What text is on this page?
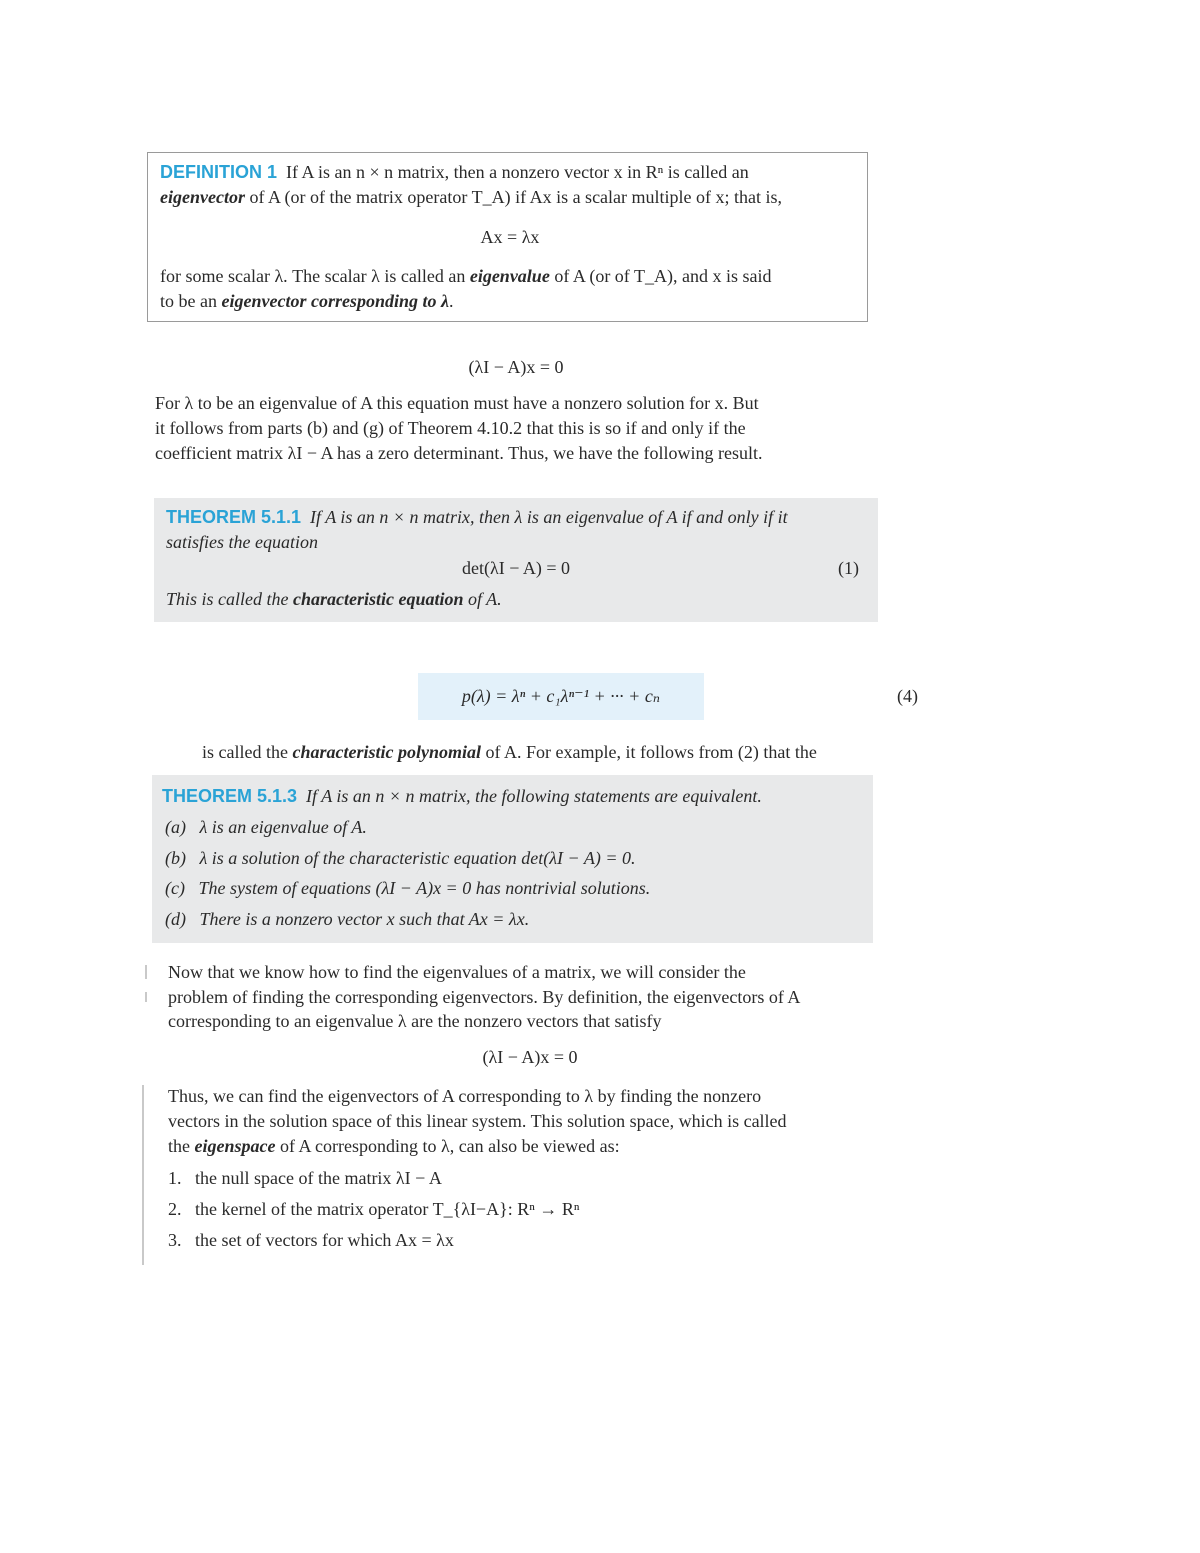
DEFINITION 1 If A is an n × n matrix, then a nonzero vector x in Rⁿ is called an
eigenvector of A (or of the matrix operator T_A) if Ax is a scalar multiple of x; that is,
Ax = λx
for some scalar λ. The scalar λ is called an eigenvalue of A (or of T_A), and x is said
to be an eigenvector corresponding to λ.
(λI − A)x = 0
For λ to be an eigenvalue of A this equation must have a nonzero solution for x. But
it follows from parts (b) and (g) of Theorem 4.10.2 that this is so if and only if the
coefficient matrix λI − A has a zero determinant. Thus, we have the following result.
THEOREM 5.1.1 If A is an n × n matrix, then λ is an eigenvalue of A if and only if it
satisfies the equation
det(λI − A) = 0	(1)
This is called the characteristic equation of A.
p(λ) = λⁿ + c₁λⁿ⁻¹ + ··· + cₙ	(4)
is called the characteristic polynomial of A. For example, it follows from (2) that the
THEOREM 5.1.3 If A is an n × n matrix, the following statements are equivalent.
(a) λ is an eigenvalue of A.
(b) λ is a solution of the characteristic equation det(λI − A) = 0.
(c) The system of equations (λI − A)x = 0 has nontrivial solutions.
(d) There is a nonzero vector x such that Ax = λx.
Now that we know how to find the eigenvalues of a matrix, we will consider the
problem of finding the corresponding eigenvectors. By definition, the eigenvectors of A
corresponding to an eigenvalue λ are the nonzero vectors that satisfy
(λI − A)x = 0
Thus, we can find the eigenvectors of A corresponding to λ by finding the nonzero
vectors in the solution space of this linear system. This solution space, which is called
the eigenspace of A corresponding to λ, can also be viewed as:
1. the null space of the matrix λI − A
2. the kernel of the matrix operator T_{λI−A}: Rⁿ → Rⁿ
3. the set of vectors for which Ax = λx
